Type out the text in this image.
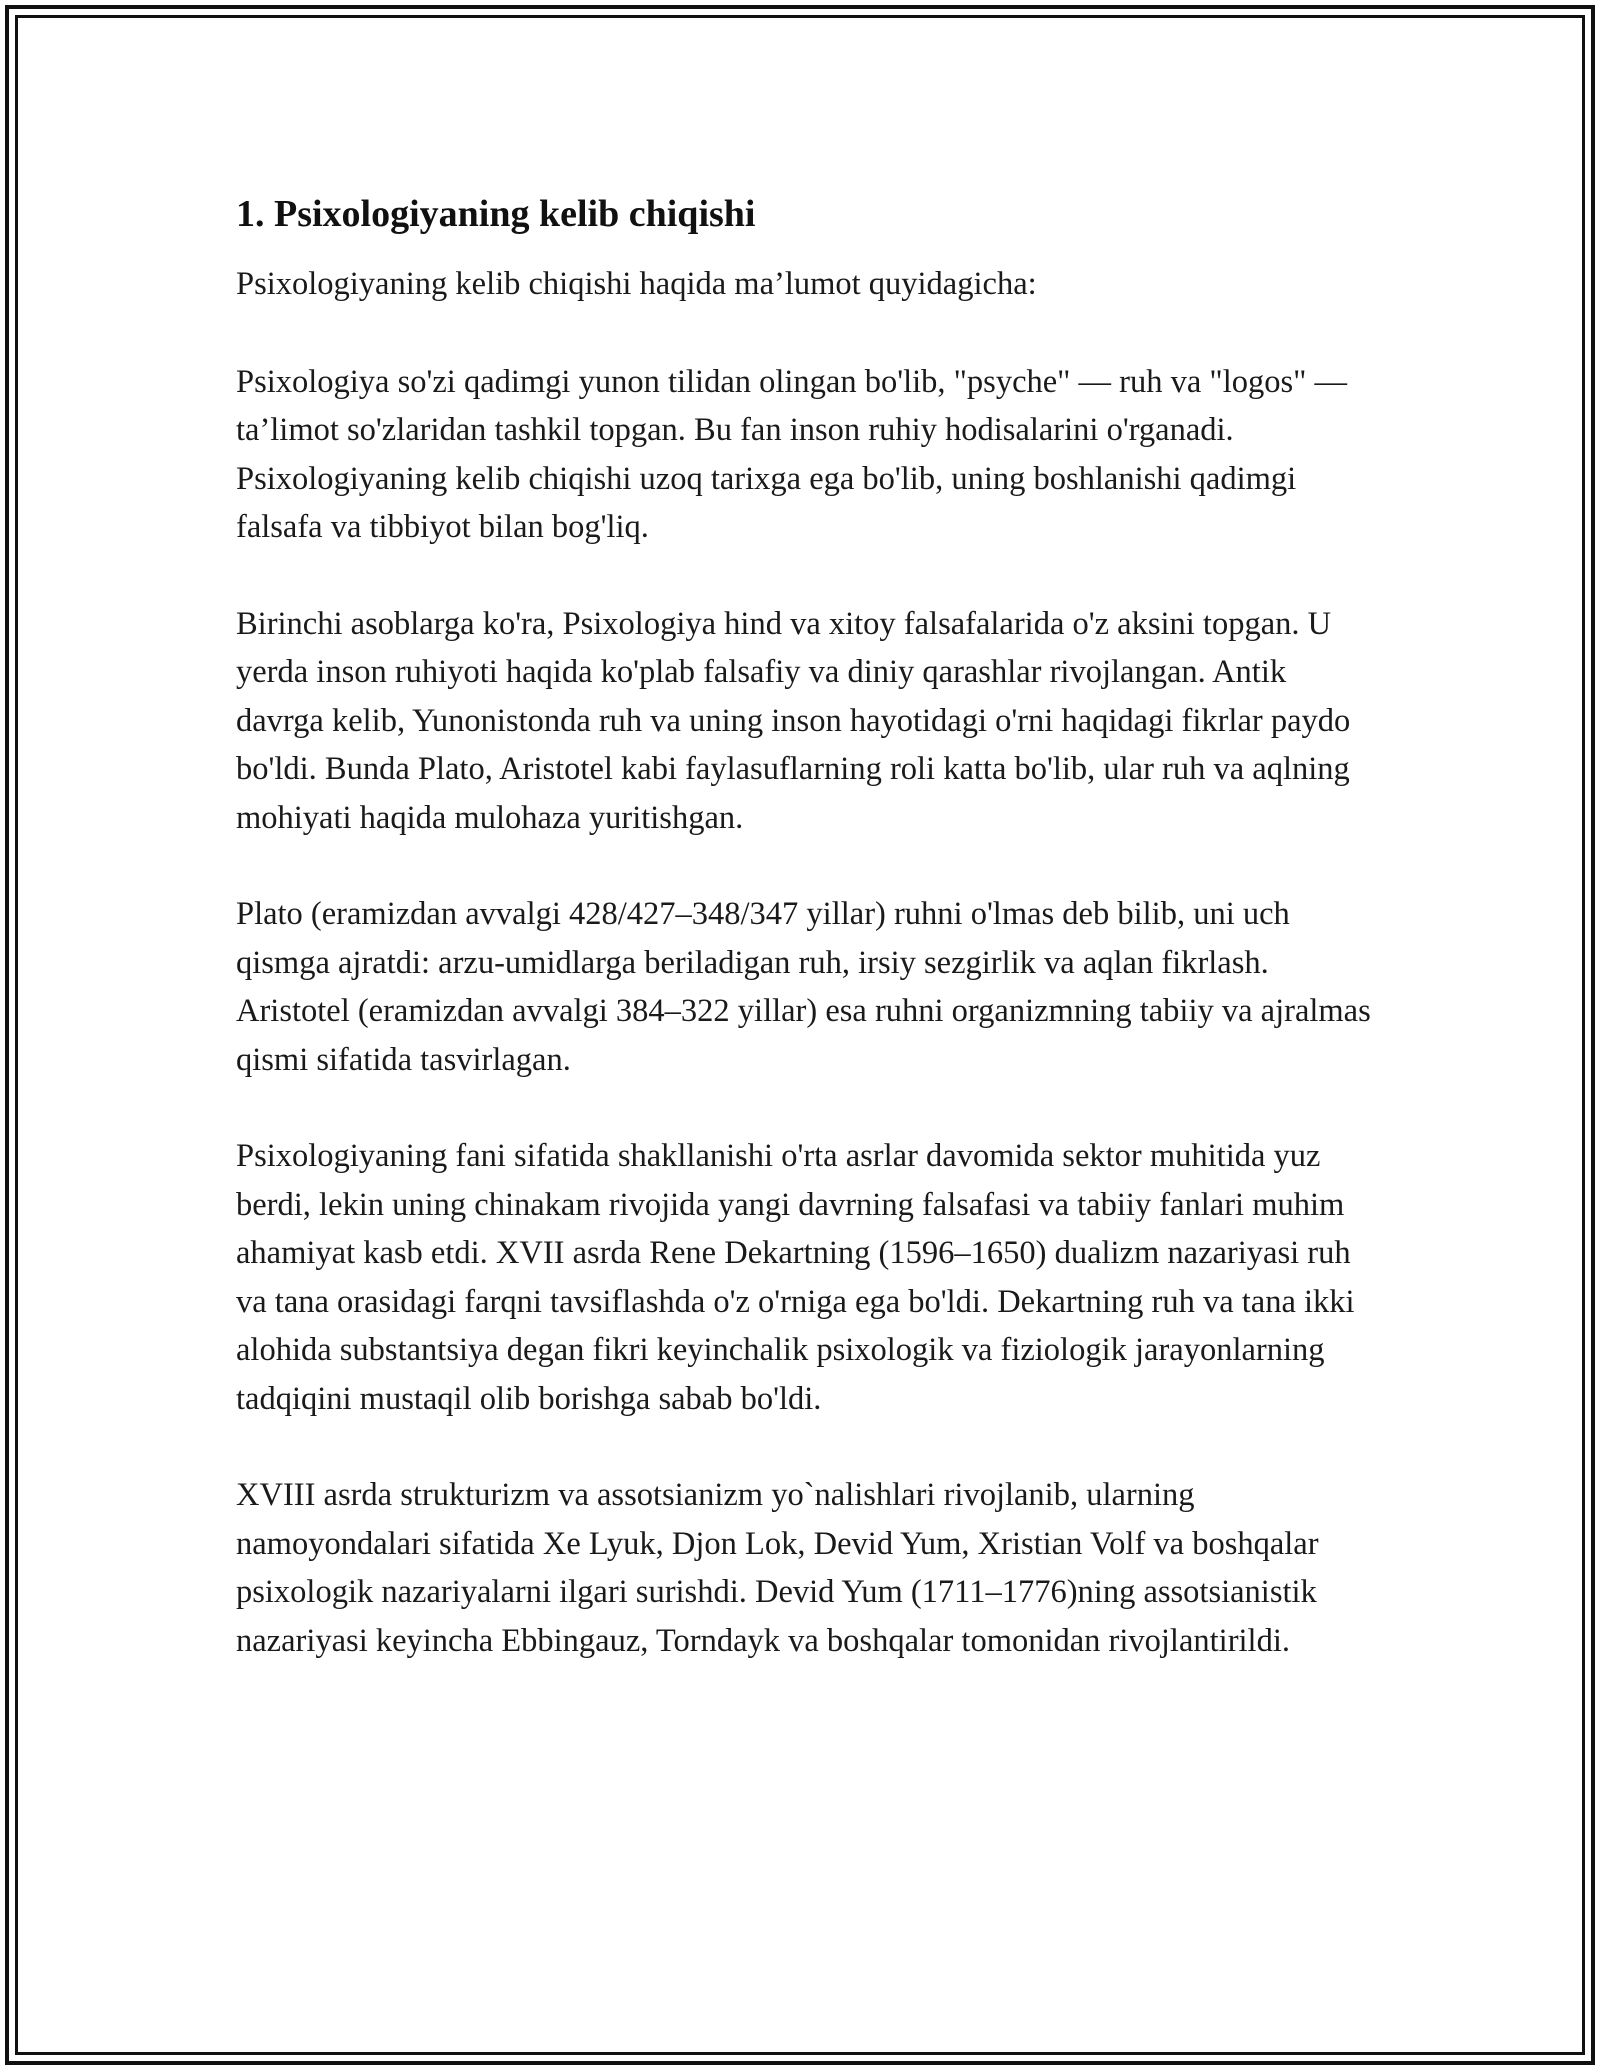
1. Psixologiyaning kelib chiqishi

Psixologiyaning kelib chiqishi haqida ma’lumot quyidagicha:

Psixologiya so'zi qadimgi yunon tilidan olingan bo'lib, "psyche" — ruh va "logos" — ta’limot so'zlaridan tashkil topgan. Bu fan inson ruhiy hodisalarini o'rganadi. Psixologiyaning kelib chiqishi uzoq tarixga ega bo'lib, uning boshlanishi qadimgi falsafa va tibbiyot bilan bog'liq.

Birinchi asoblarga ko'ra, Psixologiya hind va xitoy falsafalarida o'z aksini topgan. U yerda inson ruhiyoti haqida ko'plab falsafiy va diniy qarashlar rivojlangan. Antik davrga kelib, Yunonistonda ruh va uning inson hayotidagi o'rni haqidagi fikrlar paydo bo'ldi. Bunda Plato, Aristotel kabi faylasuflarning roli katta bo'lib, ular ruh va aqlning mohiyati haqida mulohaza yuritishgan.

Plato (eramizdan avvalgi 428/427–348/347 yillar) ruhni o'lmas deb bilib, uni uch qismga ajratdi: arzu-umidlarga beriladigan ruh, irsiy sezgirlik va aqlan fikrlash. Aristotel (eramizdan avvalgi 384–322 yillar) esa ruhni organizmning tabiiy va ajralmas qismi sifatida tasvirlagan.

Psixologiyaning fani sifatida shakllanishi o'rta asrlar davomida sektor muhitida yuz berdi, lekin uning chinakam rivojida yangi davrning falsafasi va tabiiy fanlari muhim ahamiyat kasb etdi. XVII asrda Rene Dekartning (1596–1650) dualizm nazariyasi ruh va tana orasidagi farqni tavsiflashda o'z o'rniga ega bo'ldi. Dekartning ruh va tana ikki alohida substantsiya degan fikri keyinchalik psixologik va fiziologik jarayonlarning tadqiqini mustaqil olib borishga sabab bo'ldi.

XVIII asrda strukturizm va assotsianizm yo`nalishlari rivojlanib, ularning namoyondalari sifatida Xe Lyuk, Djon Lok, Devid Yum, Xristian Volf va boshqalar psixologik nazariyalarni ilgari surishdi. Devid Yum (1711–1776)ning assotsianistik nazariyasi keyincha Ebbingauz, Torndayk va boshqalar tomonidan rivojlantirildi.
